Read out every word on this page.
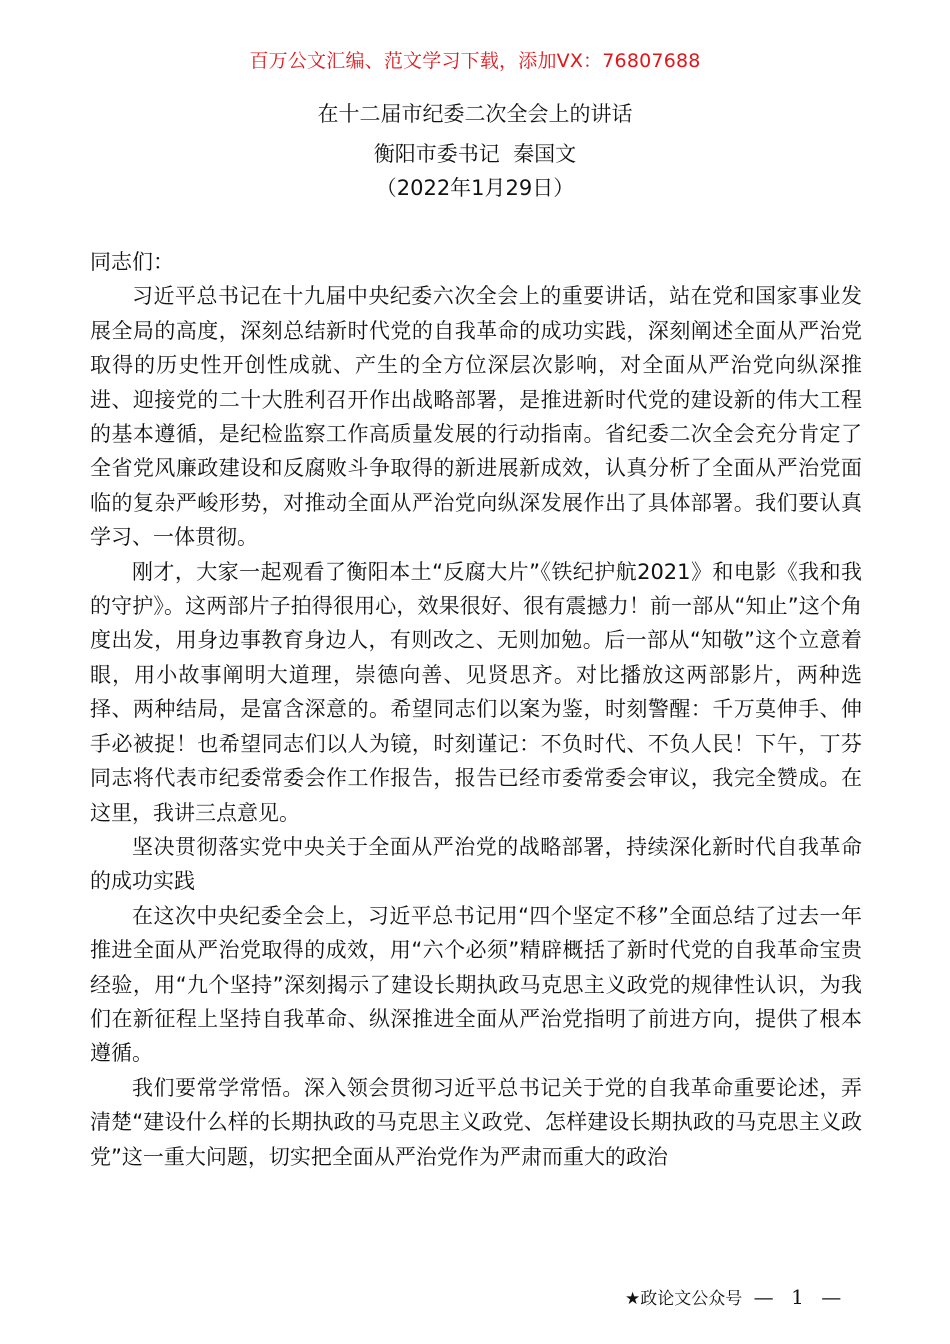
百万公文汇编、范文学习下载，添加VX：76807688
在十二届市纪委二次全会上的讲话
衡阳市委书记  秦国文
（2022年1月29日）

同志们：

习近平总书记在十九届中央纪委六次全会上的重要讲话，站在党和国家事业发展全局的高度，深刻总结新时代党的自我革命的成功实践，深刻阐述全面从严治党取得的历史性开创性成就、产生的全方位深层次影响，对全面从严治党向纵深推进、迎接党的二十大胜利召开作出战略部署，是推进新时代党的建设新的伟大工程的基本遵循，是纪检监察工作高质量发展的行动指南。省纪委二次全会充分肯定了全省党风廉政建设和反腐败斗争取得的新进展新成效，认真分析了全面从严治党面临的复杂严峻形势，对推动全面从严治党向纵深发展作出了具体部署。我们要认真学习、一体贯彻。

刚才，大家一起观看了衡阳本土“反腐大片”《铁纪护航2021》和电影《我和我的守护》。这两部片子拍得很用心，效果很好、很有震撼力！前一部从“知止”这个角度出发，用身边事教育身边人，有则改之、无则加勉。后一部从“知敬”这个立意着眼，用小故事阐明大道理，崇德向善、见贤思齐。对比播放这两部影片，两种选择、两种结局，是富含深意的。希望同志们以案为鉴，时刻警醒：千万莫伸手、伸手必被捉！也希望同志们以人为镜，时刻谨记：不负时代、不负人民！下午，丁芬同志将代表市纪委常委会作工作报告，报告已经市委常委会审议，我完全赞成。在这里，我讲三点意见。

坚决贯彻落实党中央关于全面从严治党的战略部署，持续深化新时代自我革命的成功实践

在这次中央纪委全会上，习近平总书记用“四个坚定不移”全面总结了过去一年推进全面从严治党取得的成效，用“六个必须”精辟概括了新时代党的自我革命宝贵经验，用“九个坚持”深刻揭示了建设长期执政马克思主义政党的规律性认识，为我们在新征程上坚持自我革命、纵深推进全面从严治党指明了前进方向，提供了根本遵循。

我们要常学常悟。深入领会贯彻习近平总书记关于党的自我革命重要论述，弄清楚“建设什么样的长期执政的马克思主义政党、怎样建设长期执政的马克思主义政党”这一重大问题，切实把全面从严治党作为严肃而重大的政治

★政论文公众号 — 1 —
